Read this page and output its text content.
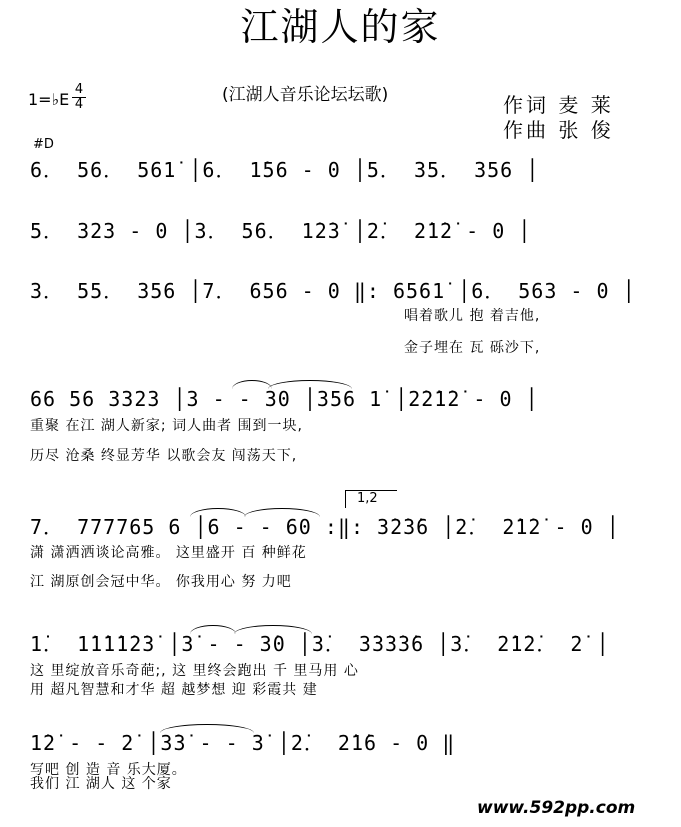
江湖人的家
(江湖人音乐论坛坛歌)
1=♭E
4
4	作词 麦 莱
作曲 张 俊
#D
6． 56． 561̇ │6． 1̇56 - 0 │5． 35． 356 │
5． 323 - 0 │3． 56． 1̇2̇3̇ │2̇． 2̇1̇2̇ - 0 │
3． 55． 356 │7． 656 - 0 ‖: 6561̇ │6． 563 - 0 │
唱着歌儿 抱 着吉他,
金子埋在 瓦 砾沙下,
66 56 3323 │3 - - 30 │356 1̇ │2̇2̇1̇2̇ - 0 │
重聚 在江 湖人新家; 词人曲者 围到一块,
历尽 沧桑 终显芳华 以歌会友 闯荡天下,
1,2
7． 777765 6 │6 - - 60 :‖: 3̇2̇3̇6 │2̇． 2̇1̇2̇ - 0 │
潇 潇洒洒谈论高雅。 这里盛开 百 种鲜花
江 湖原创会冠中华。 你我用心 努 力吧
1̇． 1̇1̇1̇1̇2̇3̇ │3̇ - - 3̇0 │3̇． 3̇3̇3̇3̇6 │3̇． 2̇1̇2̇． 2̇ │
这 里绽放音乐奇葩;, 这 里终会跑出 千 里马用 心
用 超凡智慧和才华 超 越梦想 迎 彩霞共 建
1̇2̇ - - 2̇ │3̇3̇ - - 3̇ │2̇． 2̇1̇6 - 0 ‖
写吧 创 造 音 乐大厦。
我们 江 湖人 这 个家
www.592pp.com
